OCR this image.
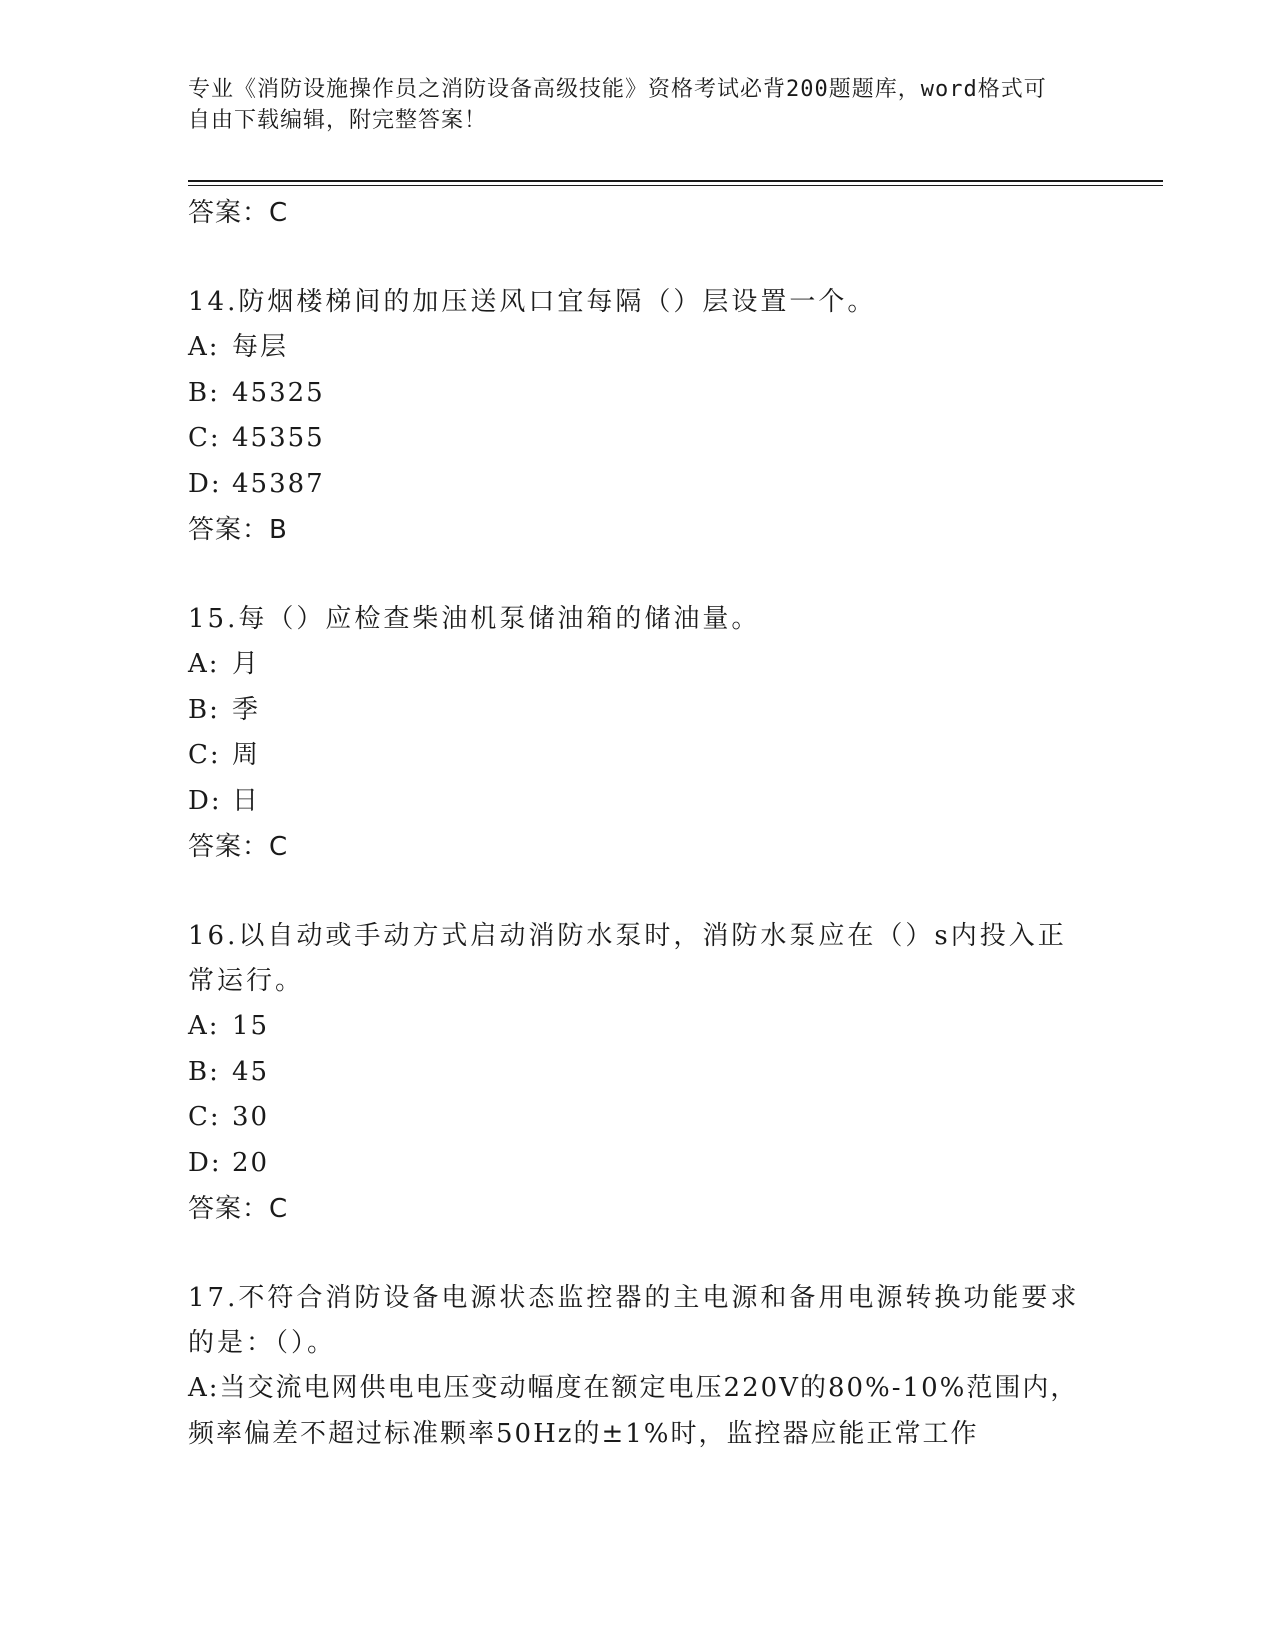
专业《消防设施操作员之消防设备高级技能》资格考试必背200题题库，word格式可自由下载编辑，附完整答案！

答案：C

14.防烟楼梯间的加压送风口宜每隔（）层设置一个。

A: 每层

B: 45325

C: 45355

D: 45387

答案：B

15.每（）应检查柴油机泵储油箱的储油量。

A: 月

B: 季

C: 周

D: 日

答案：C

16.以自动或手动方式启动消防水泵时，消防水泵应在（）s内投入正常运行。

A: 15

B: 45

C: 30

D: 20

答案：C

17.不符合消防设备电源状态监控器的主电源和备用电源转换功能要求的是：（）。

A:当交流电网供电电压变动幅度在额定电压220V的80%-10%范围内，频率偏差不超过标准颗率50Hz的±1%时，监控器应能正常工作
